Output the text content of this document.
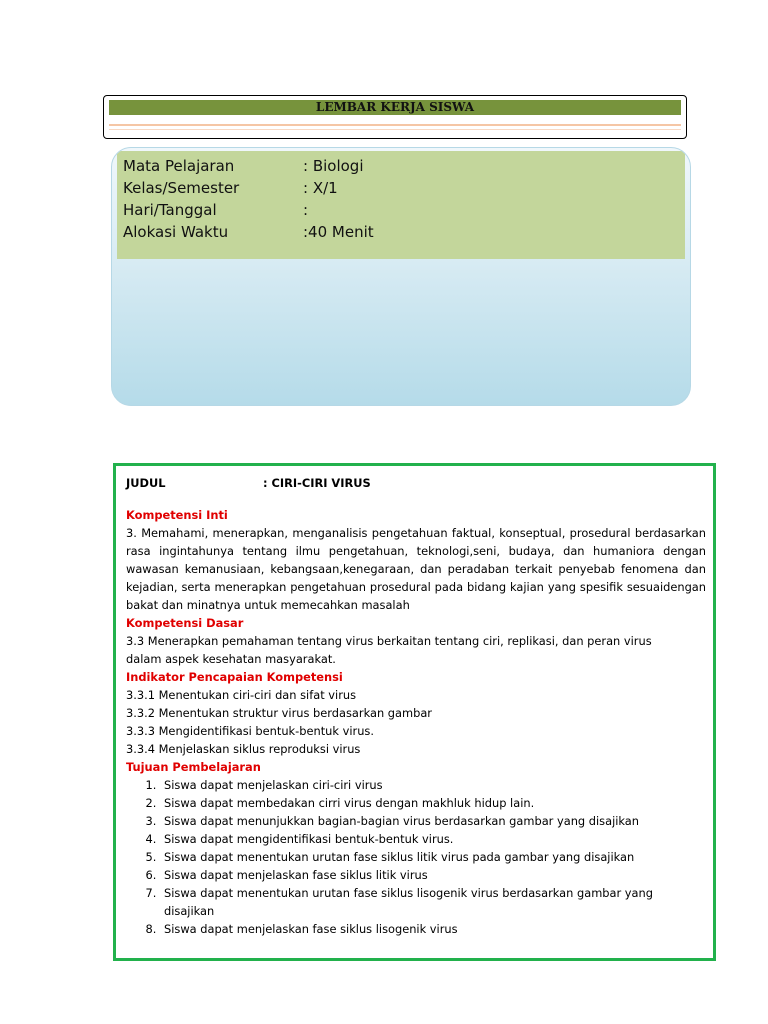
LEMBAR KERJA SISWA
Mata Pelajaran	: Biologi
Kelas/Semester	: X/1
Hari/Tanggal	:
Alokasi Waktu	:40 Menit
JUDUL	: CIRI-CIRI VIRUS
Kompetensi Inti
3. Memahami, menerapkan, menganalisis pengetahuan faktual, konseptual, prosedural berdasarkan rasa ingintahunya tentang ilmu pengetahuan, teknologi,seni, budaya, dan humaniora dengan wawasan kemanusiaan, kebangsaan,kenegaraan, dan peradaban terkait penyebab fenomena dan kejadian, serta menerapkan pengetahuan prosedural pada bidang kajian yang spesifik sesuaidengan bakat dan minatnya untuk memecahkan masalah
Kompetensi Dasar
3.3 Menerapkan pemahaman tentang virus berkaitan tentang ciri, replikasi, dan peran virus
dalam aspek kesehatan masyarakat.
Indikator Pencapaian Kompetensi
3.3.1 Menentukan ciri-ciri dan sifat virus
3.3.2 Menentukan struktur virus berdasarkan gambar
3.3.3 Mengidentifikasi bentuk-bentuk virus.
3.3.4 Menjelaskan siklus reproduksi virus
Tujuan Pembelajaran
1. Siswa dapat menjelaskan ciri-ciri virus
2. Siswa dapat membedakan cirri virus dengan makhluk hidup lain.
3. Siswa dapat menunjukkan bagian-bagian virus berdasarkan gambar yang disajikan
4. Siswa dapat mengidentifikasi bentuk-bentuk virus.
5. Siswa dapat menentukan urutan fase siklus litik virus pada gambar yang disajikan
6. Siswa dapat menjelaskan fase siklus litik virus
7. Siswa dapat menentukan urutan fase siklus lisogenik virus berdasarkan gambar yang disajikan
8. Siswa dapat menjelaskan fase siklus lisogenik virus
